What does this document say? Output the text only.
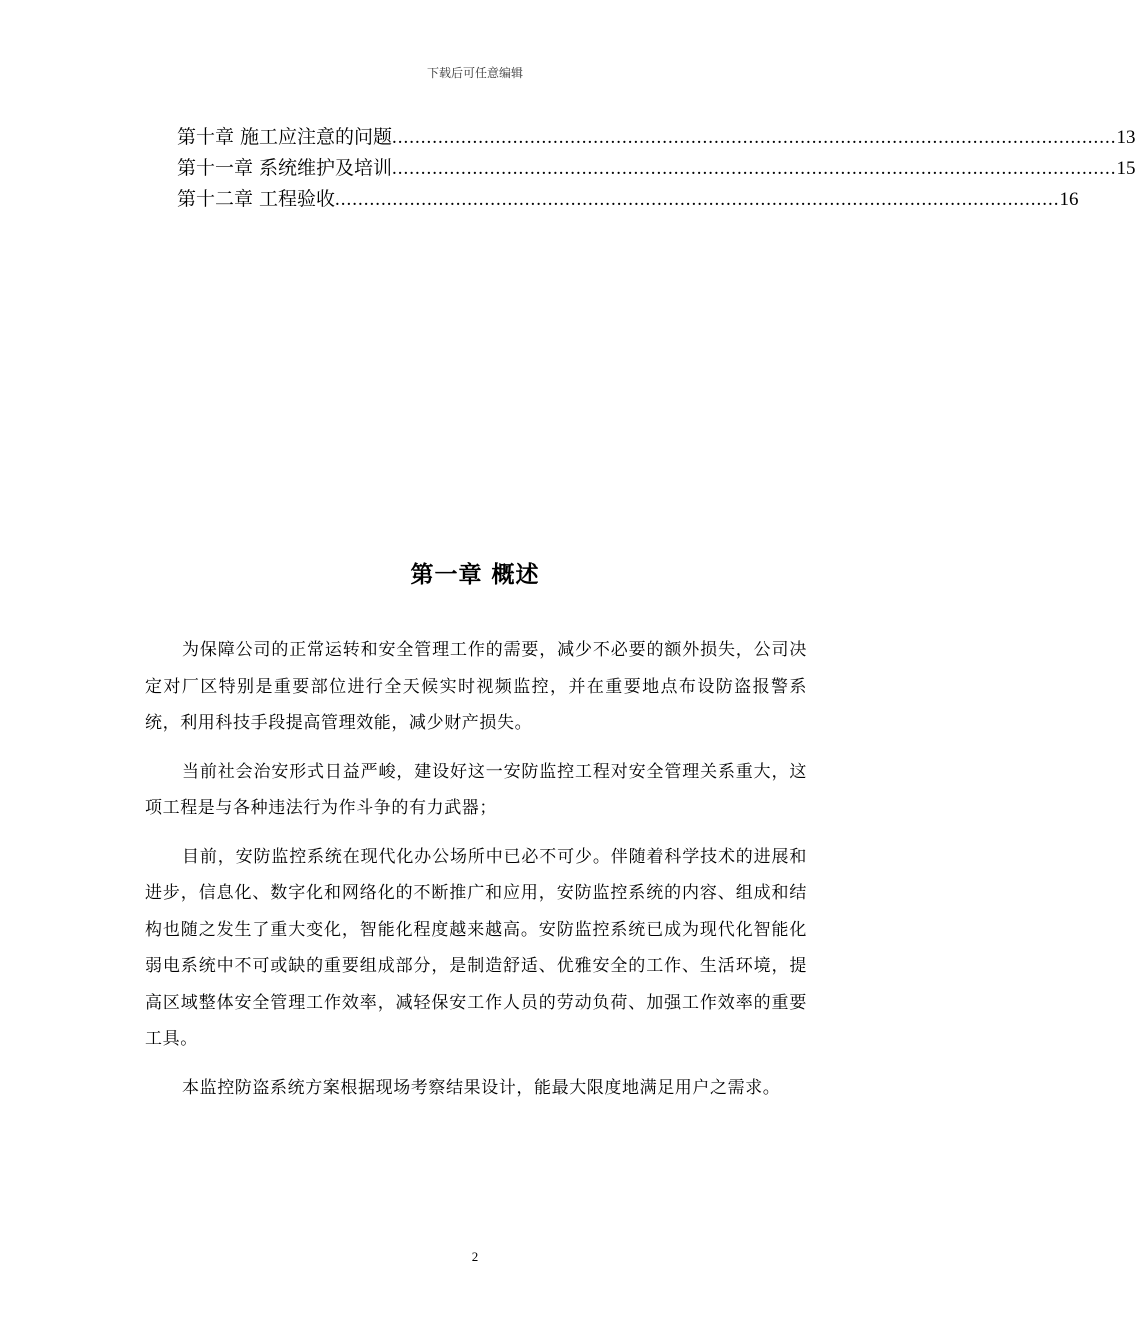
下载后可任意编辑
第十章 施工应注意的问题 .............................................................................................................................. 13
第十一章 系统维护及培训 .............................................................................................................................. 15
第十二章 工程验收 .............................................................................................................................. 16
第一章 概述

为保障公司的正常运转和安全管理工作的需要，减少不必要的额外损失，公司决定对厂区特别是重要部位进行全天候实时视频监控，并在重要地点布设防盗报警系统，利用科技手段提高管理效能，减少财产损失。

当前社会治安形式日益严峻，建设好这一安防监控工程对安全管理关系重大，这项工程是与各种违法行为作斗争的有力武器；

目前，安防监控系统在现代化办公场所中已必不可少。伴随着科学技术的进展和进步，信息化、数字化和网络化的不断推广和应用，安防监控系统的内容、组成和结构也随之发生了重大变化，智能化程度越来越高。安防监控系统已成为现代化智能化弱电系统中不可或缺的重要组成部分，是制造舒适、优雅安全的工作、生活环境，提高区域整体安全管理工作效率，减轻保安工作人员的劳动负荷、加强工作效率的重要工具。

本监控防盗系统方案根据现场考察结果设计，能最大限度地满足用户之需求。

2
